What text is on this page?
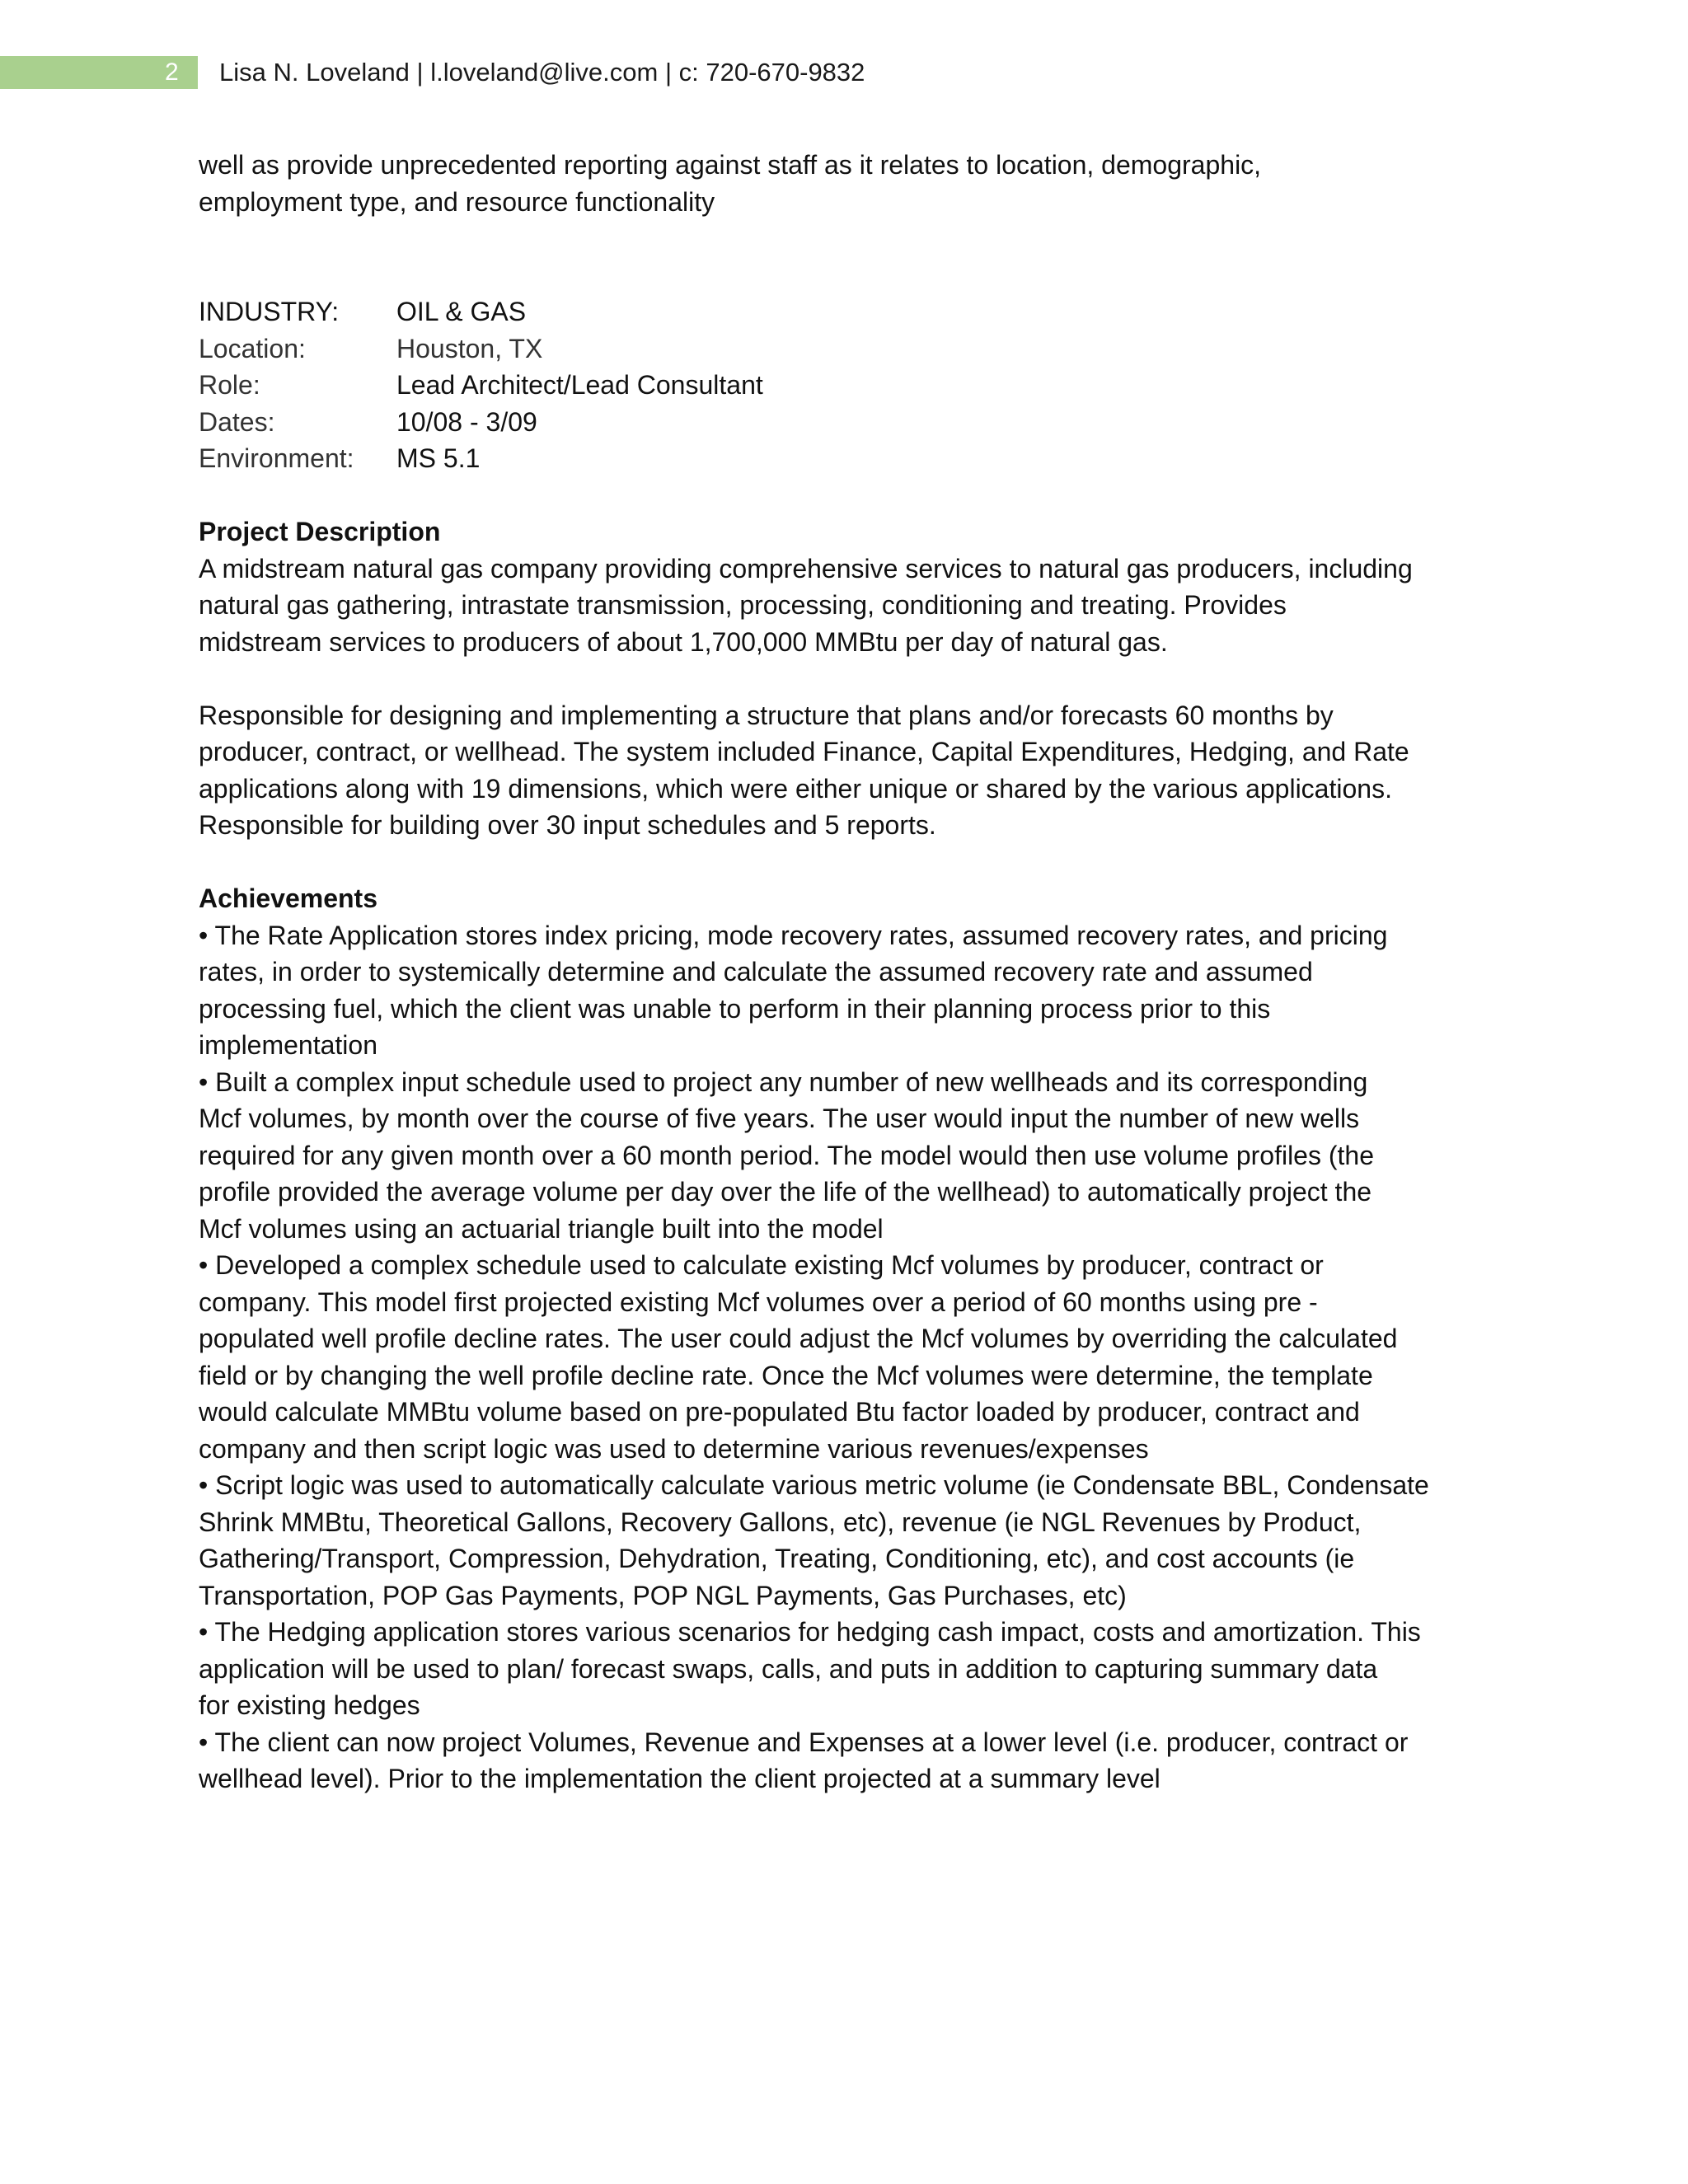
2 Lisa N. Loveland | l.loveland@live.com | c: 720-670-9832

well as provide unprecedented reporting against staff as it relates to location, demographic,

employment type, and resource functionality

INDUSTRY:	OIL & GAS
Location:	Houston, TX
Role:	Lead Architect/Lead Consultant
Dates:	10/08 - 3/09
Environment:	MS 5.1

Project Description

A midstream natural gas company providing comprehensive services to natural gas producers, including

natural gas gathering, intrastate transmission, processing, conditioning and treating. Provides

midstream services to producers of about 1,700,000 MMBtu per day of natural gas.

Responsible for designing and implementing a structure that plans and/or forecasts 60 months by

producer, contract, or wellhead. The system included Finance, Capital Expenditures, Hedging, and Rate

applications along with 19 dimensions, which were either unique or shared by the various applications.

Responsible for building over 30 input schedules and 5 reports.

Achievements

• The Rate Application stores index pricing, mode recovery rates, assumed recovery rates, and pricing

rates, in order to systemically determine and calculate the assumed recovery rate and assumed

processing fuel, which the client was unable to perform in their planning process prior to this

implementation

• Built a complex input schedule used to project any number of new wellheads and its corresponding

Mcf volumes, by month over the course of five years. The user would input the number of new wells

required for any given month over a 60 month period. The model would then use volume profiles (the

profile provided the average volume per day over the life of the wellhead) to automatically project the

Mcf volumes using an actuarial triangle built into the model

• Developed a complex schedule used to calculate existing Mcf volumes by producer, contract or

company. This model first projected existing Mcf volumes over a period of 60 months using pre -

populated well profile decline rates. The user could adjust the Mcf volumes by overriding the calculated

field or by changing the well profile decline rate. Once the Mcf volumes were determine, the template

would calculate MMBtu volume based on pre-populated Btu factor loaded by producer, contract and

company and then script logic was used to determine various revenues/expenses

• Script logic was used to automatically calculate various metric volume (ie Condensate BBL, Condensate

Shrink MMBtu, Theoretical Gallons, Recovery Gallons, etc), revenue (ie NGL Revenues by Product,

Gathering/Transport, Compression, Dehydration, Treating, Conditioning, etc), and cost accounts (ie

Transportation, POP Gas Payments, POP NGL Payments, Gas Purchases, etc)

• The Hedging application stores various scenarios for hedging cash impact, costs and amortization. This

application will be used to plan/ forecast swaps, calls, and puts in addition to capturing summary data

for existing hedges

• The client can now project Volumes, Revenue and Expenses at a lower level (i.e. producer, contract or

wellhead level). Prior to the implementation the client projected at a summary level
